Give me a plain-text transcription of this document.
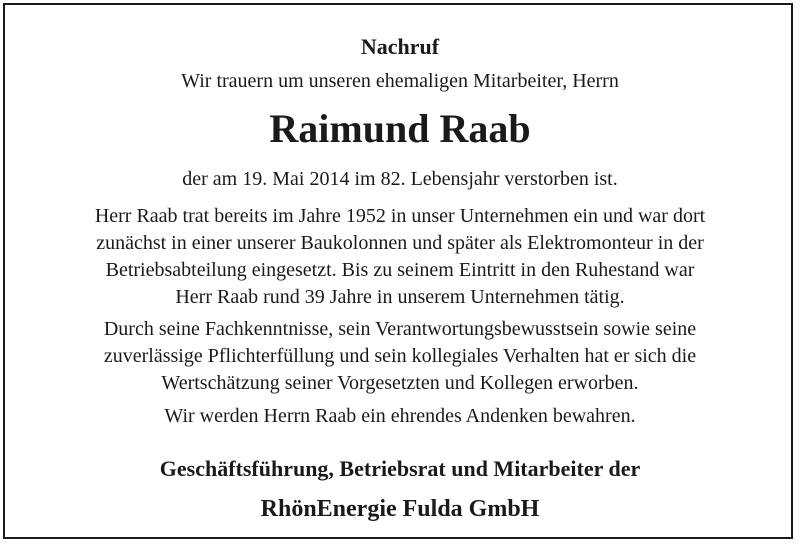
Nachruf
Wir trauern um unseren ehemaligen Mitarbeiter, Herrn
Raimund Raab
der am 19. Mai 2014 im 82. Lebensjahr verstorben ist.
Herr Raab trat bereits im Jahre 1952 in unser Unternehmen ein und war dort
zunächst in einer unserer Baukolonnen und später als Elektromonteur in der
Betriebsabteilung eingesetzt. Bis zu seinem Eintritt in den Ruhestand war
Herr Raab rund 39 Jahre in unserem Unternehmen tätig.
Durch seine Fachkenntnisse, sein Verantwortungsbewusstsein sowie seine
zuverlässige Pflichterfüllung und sein kollegiales Verhalten hat er sich die
Wertschätzung seiner Vorgesetzten und Kollegen erworben.
Wir werden Herrn Raab ein ehrendes Andenken bewahren.
Geschäftsführung, Betriebsrat und Mitarbeiter der
RhönEnergie Fulda GmbH
